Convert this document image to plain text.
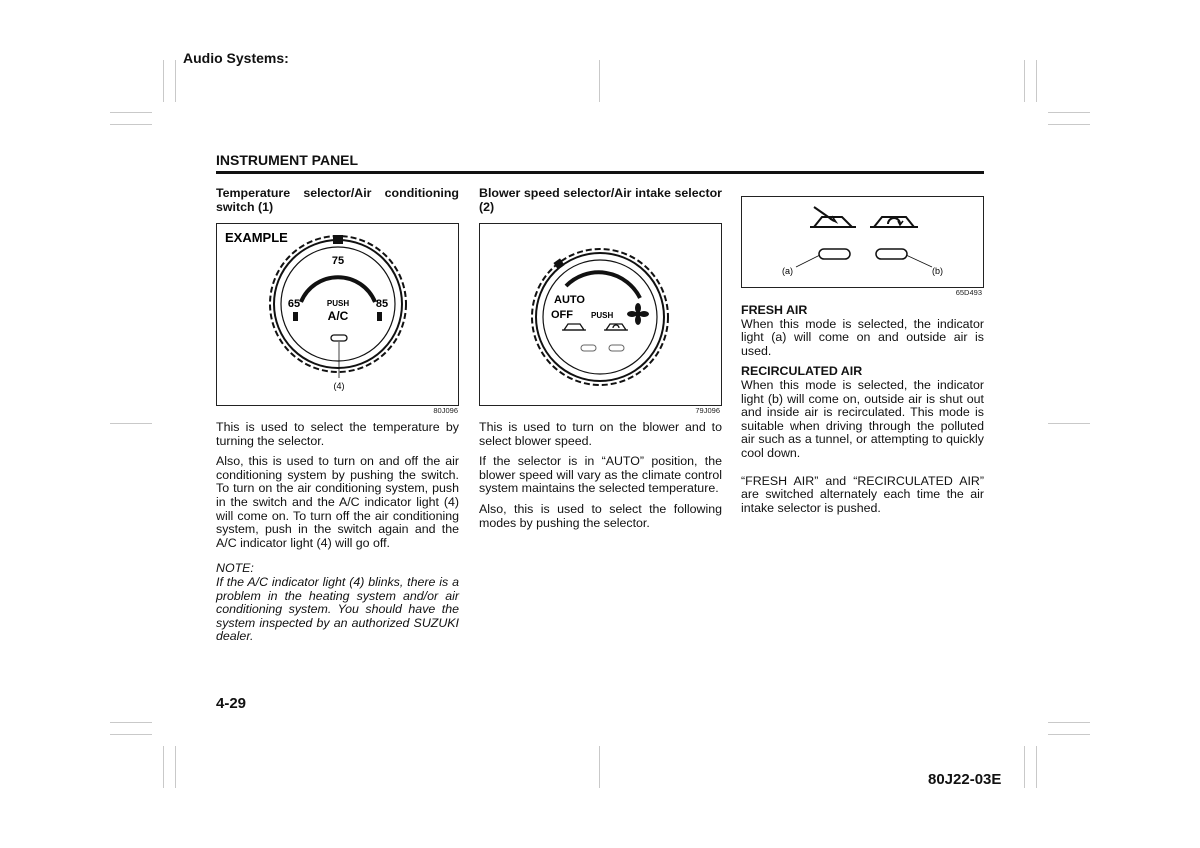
Audio Systems:
INSTRUMENT PANEL

Temperature selector/Air conditioning switch (1)

EXAMPLE
75
65	85
PUSH
A/C
(4)
80J096

This is used to select the temperature by turning the selector.

Also, this is used to turn on and off the air conditioning system by pushing the switch. To turn on the air conditioning system, push in the switch and the A/C indicator light (4) will come on. To turn off the air conditioning system, push in the switch again and the A/C indicator light (4) will go off.

NOTE:

If the A/C indicator light (4) blinks, there is a problem in the heating system and/or air conditioning system. You should have the system inspected by an authorized SUZUKI dealer.

Blower speed selector/Air intake selector (2)

AUTO
OFF PUSH
79J096

This is used to turn on the blower and to select blower speed.

If the selector is in “AUTO” position, the blower speed will vary as the climate control system maintains the selected temperature.

Also, this is used to select the following modes by pushing the selector.

(a)	(b)
65D493

FRESH AIR

When this mode is selected, the indicator light (a) will come on and outside air is used.

RECIRCULATED AIR

When this mode is selected, the indicator light (b) will come on, outside air is shut out and inside air is recirculated. This mode is suitable when driving through the polluted air such as a tunnel, or attempting to quickly cool down.

“FRESH AIR” and “RECIRCULATED AIR” are switched alternately each time the air intake selector is pushed.

4-29
80J22-03E
